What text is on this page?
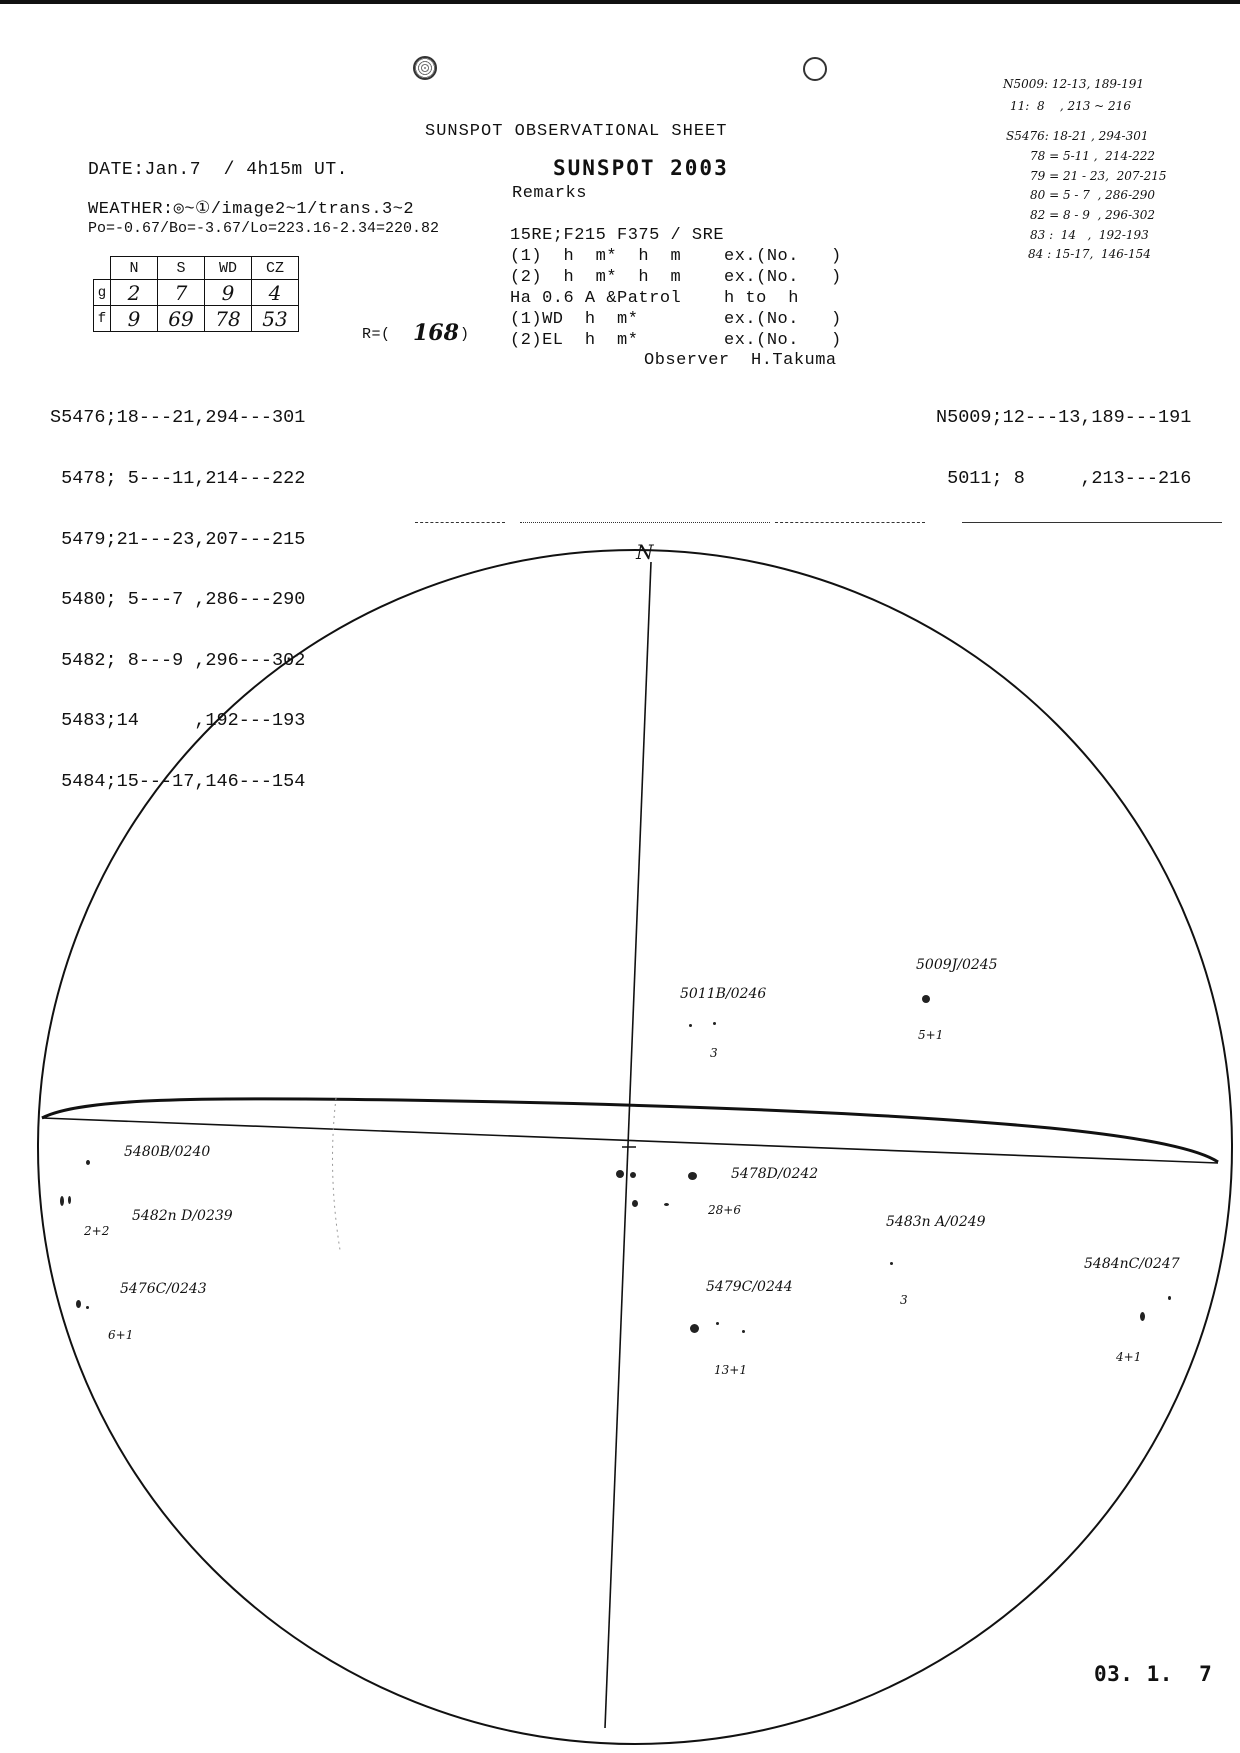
SUNSPOT OBSERVATIONAL SHEET
SUNSPOT 2003
DATE:Jan.7  / 4h15m UT.
WEATHER:◎~①/image2~1/trans.3~2
Po=-0.67/Bo=-3.67/Lo=223.16-2.34=220.82
	N	S	WD	CZ
g	2	7	9	4
f	9	69	78	53
R=( 168 )
Remarks
15RE;F215 F375 / SRE
(1)  h  m*  h  m    ex.(No.   )
(2)  h  m*  h  m    ex.(No.   )
Ha 0.6 A &Patrol    h to  h
(1)WD  h  m*        ex.(No.   )
(2)EL  h  m*        ex.(No.   )
Observer  H.Takuma
N5009: 12-13, 189-191
11:  8    , 213 ~ 216
S5476: 18-21 , 294-301
78 = 5-11 ,  214-222
79 = 21 - 23,  207-215
80 = 5 - 7  , 286-290
82 = 8 - 9  , 296-302
83 :  14   ,  192-193
84 : 15-17,  146-154

S5476;18---21,294---301

5478; 5---11,214---222

5479;21---23,207---215

5480; 5---7 ,286---290

5482; 8---9 ,296---302

5483;14     ,192---193

5484;15---17,146---154

N5009;12---13,189---191

5011; 8     ,213---216

N
5009J/0245
5+1
5011B/0246
3
5480B/0240
5482n D/0239
2+2
5476C/0243
6+1
5478D/0242
28+6
5483n A/0249
3
5479C/0244
13+1
5484nC/0247
4+1
03. 1.  7
